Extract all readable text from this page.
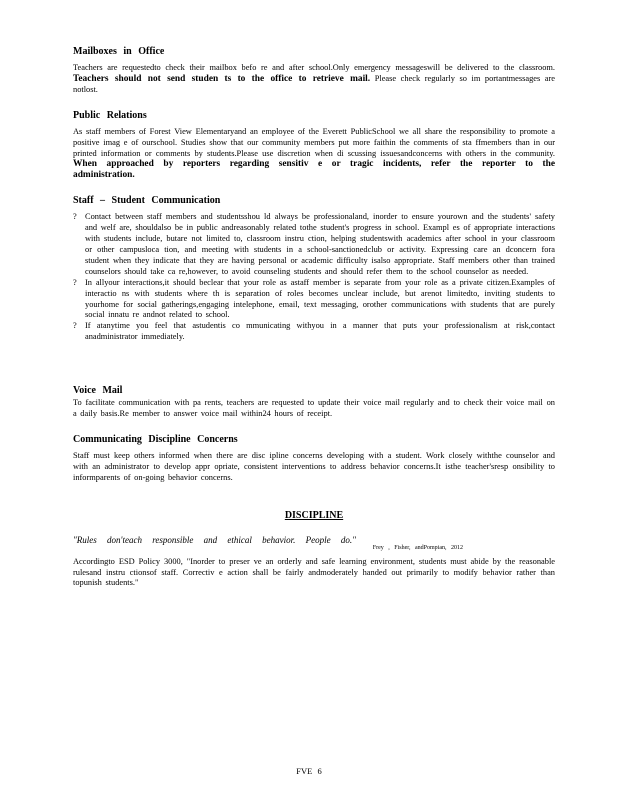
Mailboxes in Office

Teachers are requestedto check their mailbox befo re and after school.Only emergency messageswill be delivered to the classroom. Teachers should not send studen ts to the office to retrieve mail. Please check regularly so im portantmessages are notlost.

Public Relations

As staff members of Forest View Elementaryand an employee of the Everett PublicSchool we all share the responsibility to promote a positive imag e of ourschool. Studies show that our community members put more faithin the comments of sta ffmembers than in our printed information or comments by students.Please use discretion when di scussing issuesandconcerns with others in the community. When approached by reporters regarding sensitiv e or tragic incidents, refer the reporter to the administration.

Staff – Student Communication

? Contact between staff members and studentsshou ld always be professionaland, inorder to ensure yourown and the students' safety and welf are, shouldalso be in public andreasonably related tothe student's progress in school. Exampl es of appropriate interactions with students include, butare not limited to, classroom instru ction, helping studentswith academics after school in your classroom or other campusloca tion, and meeting with students in a school-sanctionedclub or activity. Expressing care an dconcern fora student when they indicate that they are having personal or academic difficulty isalso appropriate. Staff members other than trained counselors should take ca re,however, to avoid counseling students and should refer them to the school counselor as needed.
? In allyour interactions,it should beclear that your role as astaff member is separate from your role as a private citizen.Examples of interactio ns with students where th is separation of roles becomes unclear include, but arenot limitedto, inviting students to yourhome for social gatherings,engaging intelephone, email, text messaging, orother communications with students that are purely social innatu re andnot related to school.
? If atanytime you feel that astudentis co mmunicating withyou in a manner that puts your professionalism at risk,contact anadministrator immediately.

Voice Mail

To facilitate communication with pa rents, teachers are requested to update their voice mail regularly and to check their voice mail on a daily basis.Re member to answer voice mail within24 hours of receipt.

Communicating Discipline Concerns

Staff must keep others informed when there are disc ipline concerns developing with a student. Work closely withthe counselor and with an administrator to develop appr opriate, consistent interventions to address behavior concerns.It isthe teacher'sresp onsibility to informparents of on-going behavior concerns.

DISCIPLINE

"Rules don'teach responsible and ethical behavior. People do."

Frey , Fisher, andPompian, 2012

Accordingto ESD Policy 3000, "Inorder to preser ve an orderly and safe learning environment, students must abide by the reasonable rulesand instru ctionsof staff. Correctiv e action shall be fairly andmoderately handed out primarily to modify behavior rather than topunish students."

FVE 6
